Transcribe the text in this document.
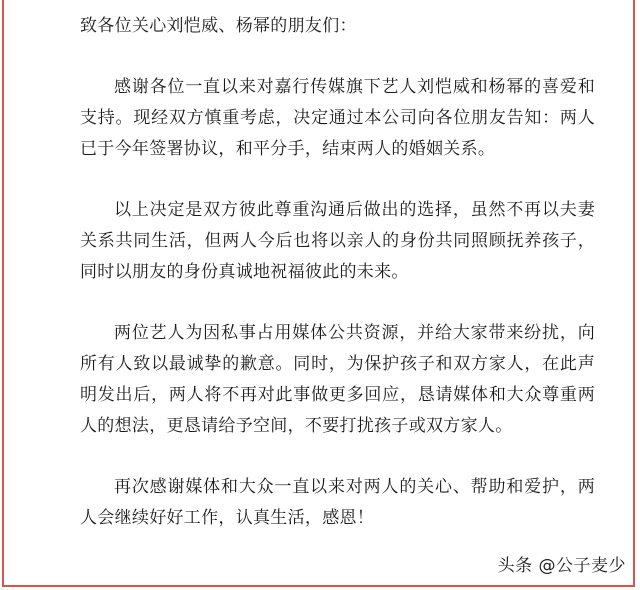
致各位关心刘恺威、杨幂的朋友们：

感谢各位一直以来对嘉行传媒旗下艺人刘恺威和杨幂的喜爱和支持。现经双方慎重考虑，决定通过本公司向各位朋友告知：两人已于今年签署协议，和平分手，结束两人的婚姻关系。

以上决定是双方彼此尊重沟通后做出的选择，虽然不再以夫妻关系共同生活，但两人今后也将以亲人的身份共同照顾抚养孩子，同时以朋友的身份真诚地祝福彼此的未来。

两位艺人为因私事占用媒体公共资源，并给大家带来纷扰，向所有人致以最诚挚的歉意。同时，为保护孩子和双方家人，在此声明发出后，两人将不再对此事做更多回应，恳请媒体和大众尊重两人的想法，更恳请给予空间，不要打扰孩子或双方家人。

再次感谢媒体和大众一直以来对两人的关心、帮助和爱护，两人会继续好好工作，认真生活，感恩！

头条 @公子麦少
